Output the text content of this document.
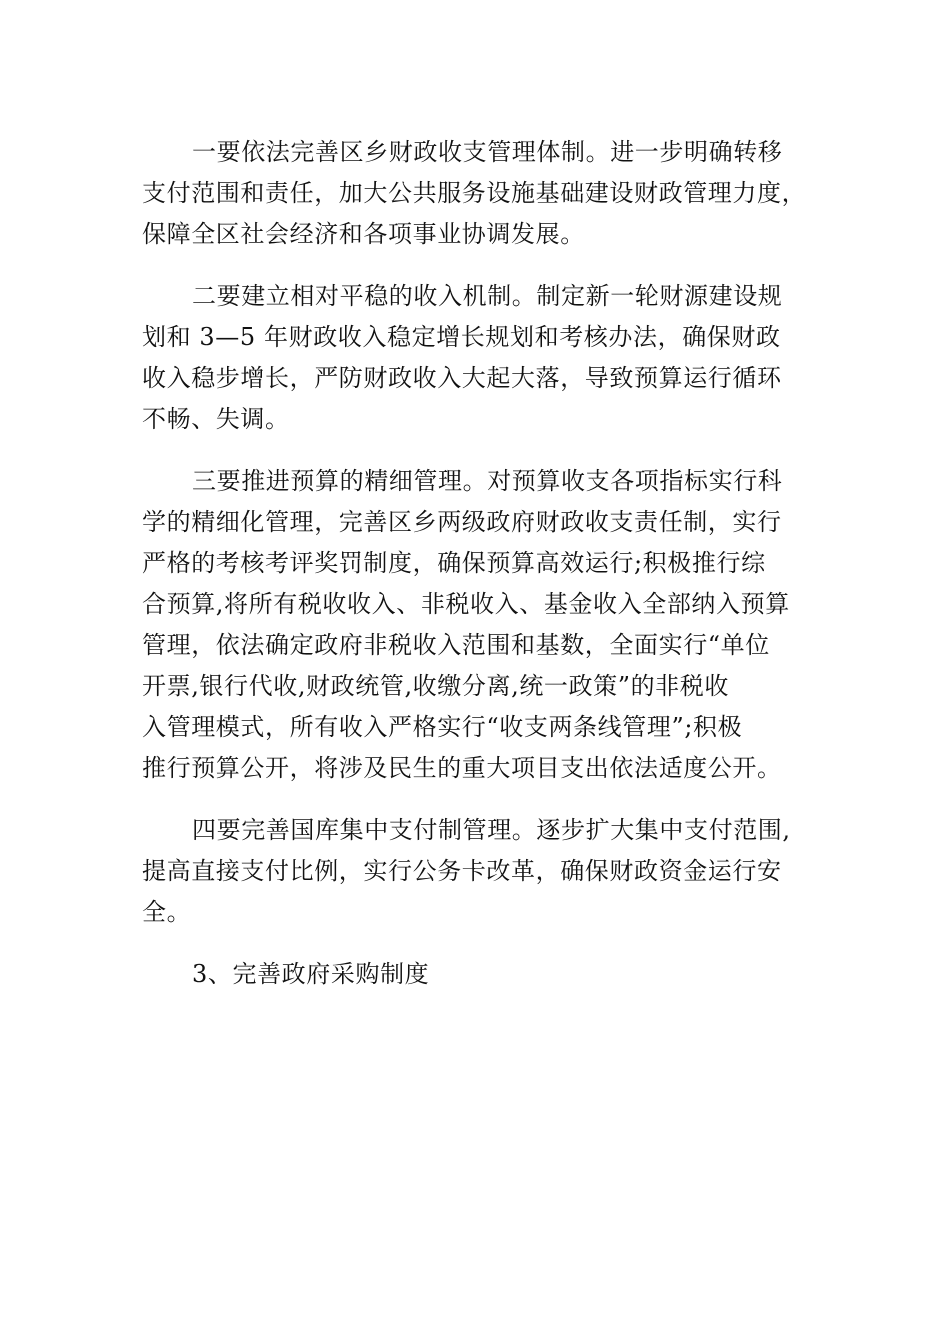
一要依法完善区乡财政收支管理体制。进一步明确转移
支付范围和责任，加大公共服务设施基础建设财政管理力度，
保障全区社会经济和各项事业协调发展。
二要建立相对平稳的收入机制。制定新一轮财源建设规
划和 3—5 年财政收入稳定增长规划和考核办法，确保财政
收入稳步增长，严防财政收入大起大落，导致预算运行循环
不畅、失调。
三要推进预算的精细管理。对预算收支各项指标实行科
学的精细化管理，完善区乡两级政府财政收支责任制，实行
严格的考核考评奖罚制度，确保预算高效运行;积极推行综
合预算,将所有税收收入、非税收入、基金收入全部纳入预算
管理，依法确定政府非税收入范围和基数，全面实行“单位
开票,银行代收,财政统管,收缴分离,统一政策”的非税收
入管理模式，所有收入严格实行“收支两条线管理”;积极
推行预算公开，将涉及民生的重大项目支出依法适度公开。
四要完善国库集中支付制管理。逐步扩大集中支付范围,
提高直接支付比例，实行公务卡改革，确保财政资金运行安
全。
3、完善政府采购制度
